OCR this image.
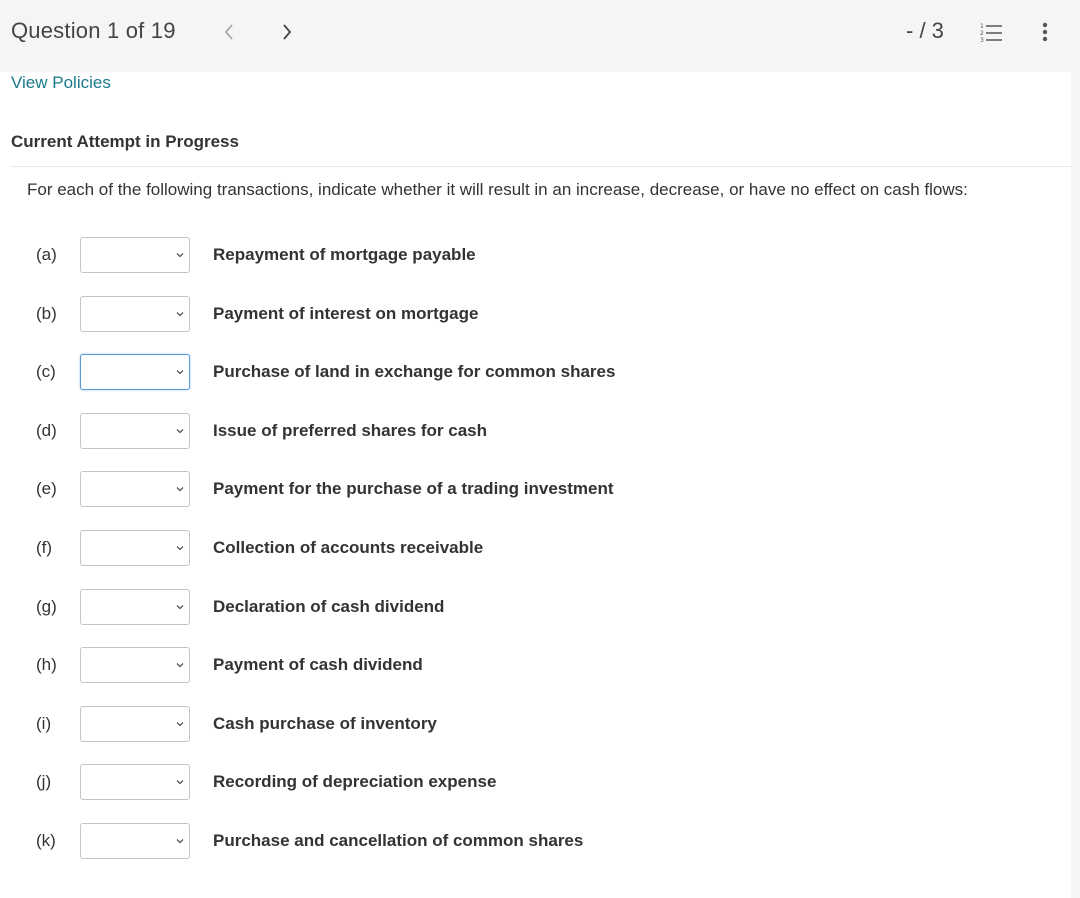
Question 1 of 19	- / 3	1
2
3
View Policies
Current Attempt in Progress
For each of the following transactions, indicate whether it will result in an increase, decrease, or have no effect on cash flows:
(a)	Repayment of mortgage payable
(b)	Payment of interest on mortgage
(c)	Purchase of land in exchange for common shares
(d)	Issue of preferred shares for cash
(e)	Payment for the purchase of a trading investment
(f)	Collection of accounts receivable
(g)	Declaration of cash dividend
(h)	Payment of cash dividend
(i)	Cash purchase of inventory
(j)	Recording of depreciation expense
(k)	Purchase and cancellation of common shares
